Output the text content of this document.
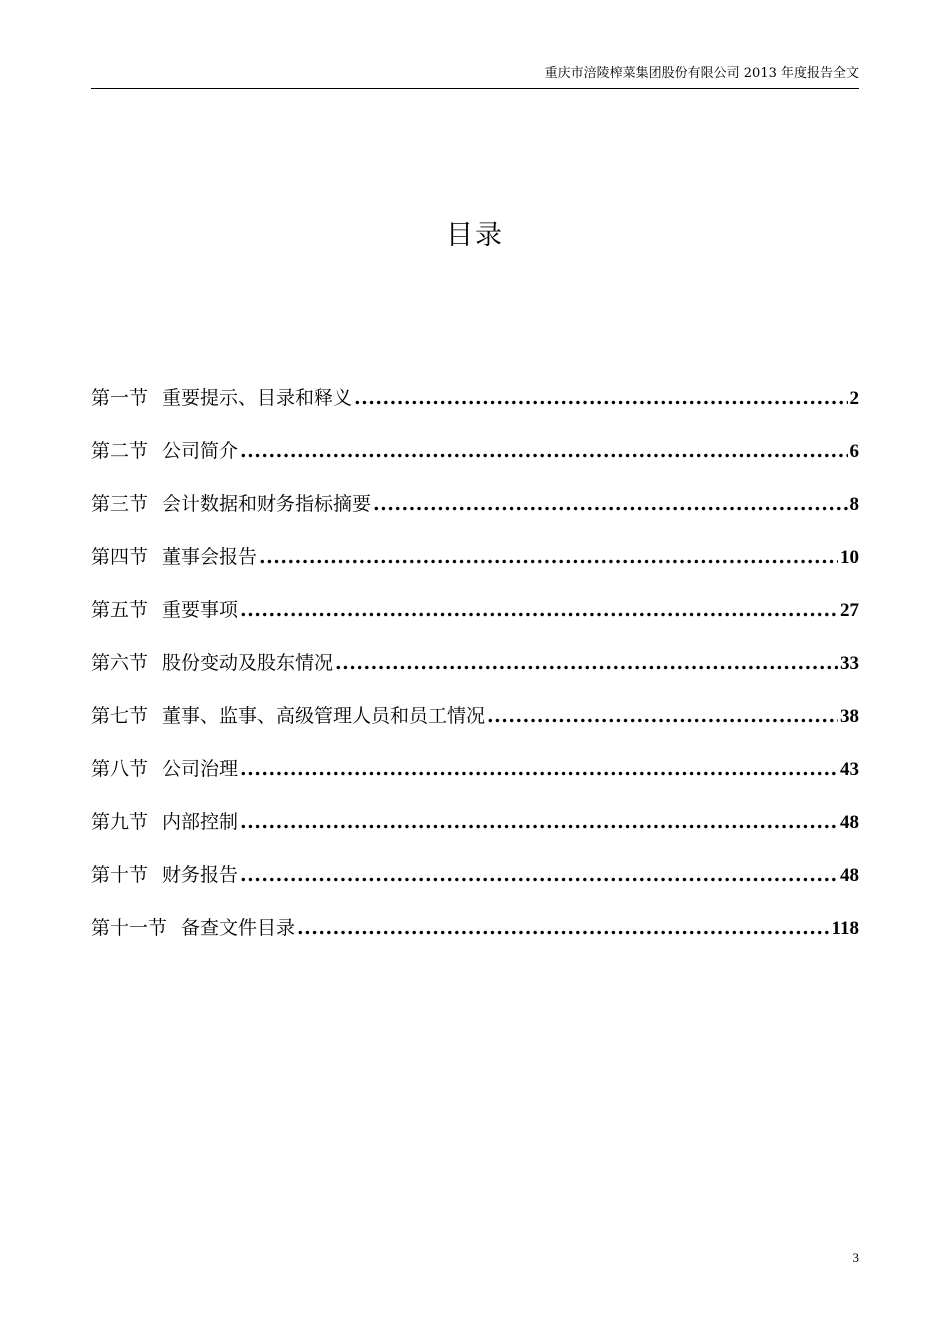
重庆市涪陵榨菜集团股份有限公司 2013 年度报告全文
目录
第一节 重要提示、目录和释义 .....	2
第二节 公司简介 .....	6
第三节 会计数据和财务指标摘要 .....	8
第四节 董事会报告 .....	10
第五节 重要事项 .....	27
第六节 股份变动及股东情况 .....	33
第七节 董事、监事、高级管理人员和员工情况 .....	38
第八节 公司治理 .....	43
第九节 内部控制 .....	48
第十节 财务报告 .....	48
第十一节 备查文件目录 .....	118
3
